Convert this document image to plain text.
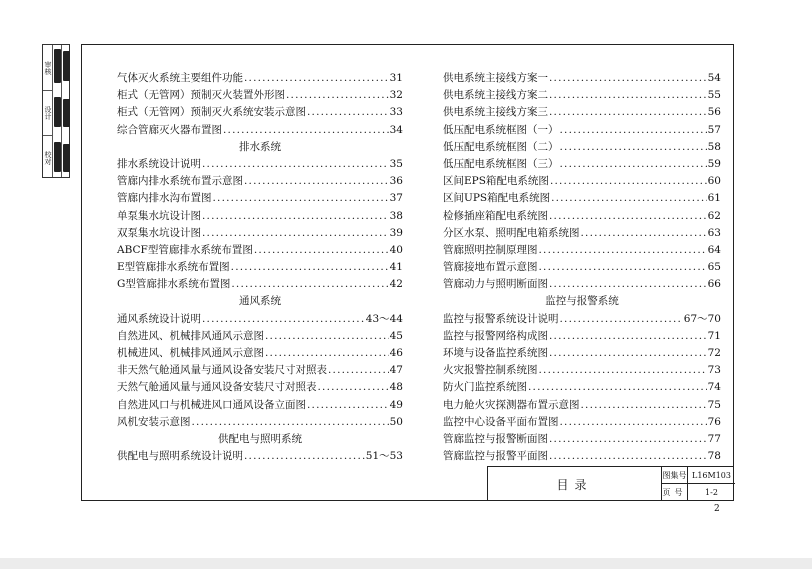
审核
设计
校对
气体灭火系统主要组件功能 .....	31
柜式（无管网）预制灭火装置外形图 .....	32
柜式（无管网）预制灭火系统安装示意图 .....	33
综合管廊灭火器布置图 .....	34
排水系统
排水系统设计说明 .....	35
管廊内排水系统布置示意图 .....	36
管廊内排水沟布置图 .....	37
单泵集水坑设计图 .....	38
双泵集水坑设计图 .....	39
ABCF型管廊排水系统布置图 .....	40
E型管廊排水系统布置图 .....	41
G型管廊排水系统布置图 .....	42
通风系统
通风系统设计说明 .....	43～44
自然进风、机械排风通风示意图 .....	45
机械进风、机械排风通风示意图 .....	46
非天然气舱通风量与通风设备安装尺寸对照表 .....	47
天然气舱通风量与通风设备安装尺寸对照表 .....	48
自然进风口与机械进风口通风设备立面图 .....	49
风机安装示意图 .....	50
供配电与照明系统
供配电与照明系统设计说明 .....	51～53
供电系统主接线方案一 .....	54
供电系统主接线方案二 .....	55
供电系统主接线方案三 .....	56
低压配电系统框图（一） .....	57
低压配电系统框图（二） .....	58
低压配电系统框图（三） .....	59
区间EPS箱配电系统图 .....	60
区间UPS箱配电系统图 .....	61
检修插座箱配电系统图 .....	62
分区水泵、照明配电箱系统图 .....	63
管廊照明控制原理图 .....	64
管廊接地布置示意图 .....	65
管廊动力与照明断面图 .....	66
监控与报警系统
监控与报警系统设计说明 .....	67～70
监控与报警网络构成图 .....	71
环境与设备监控系统图 .....	72
火灾报警控制系统图 .....	73
防火门监控系统图 .....	74
电力舱火灾探测器布置示意图 .....	75
监控中心设备平面布置图 .....	76
管廊监控与报警断面图 .....	77
管廊监控与报警平面图 .....	78
目录
图集号 L16M103
页号	1-2
2
